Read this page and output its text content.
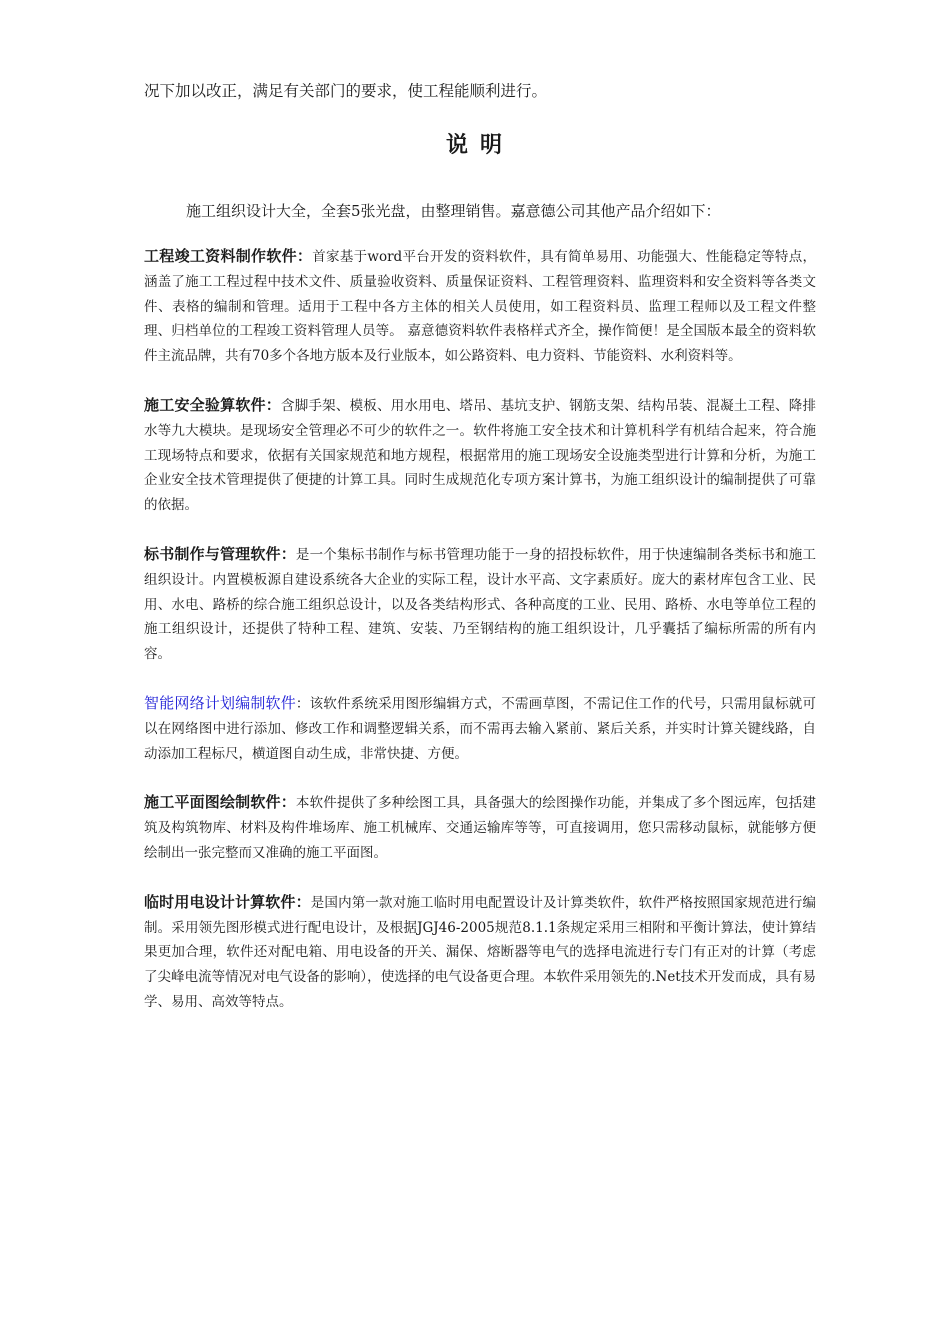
况下加以改正，满足有关部门的要求，使工程能顺利进行。

说明

施工组织设计大全，全套5张光盘，由整理销售。嘉意德公司其他产品介绍如下：

工程竣工资料制作软件：首家基于word平台开发的资料软件，具有简单易用、功能强大、性能稳定等特点，涵盖了施工工程过程中技术文件、质量验收资料、质量保证资料、工程管理资料、监理资料和安全资料等各类文件、表格的编制和管理。适用于工程中各方主体的相关人员使用，如工程资料员、监理工程师以及工程文件整理、归档单位的工程竣工资料管理人员等。 嘉意德资料软件表格样式齐全，操作简便！是全国版本最全的资料软件主流品牌，共有70多个各地方版本及行业版本，如公路资料、电力资料、节能资料、水利资料等。

施工安全验算软件：含脚手架、模板、用水用电、塔吊、基坑支护、钢筋支架、结构吊装、混凝土工程、降排水等九大模块。是现场安全管理必不可少的软件之一。软件将施工安全技术和计算机科学有机结合起来，符合施工现场特点和要求，依据有关国家规范和地方规程，根据常用的施工现场安全设施类型进行计算和分析，为施工企业安全技术管理提供了便捷的计算工具。同时生成规范化专项方案计算书，为施工组织设计的编制提供了可靠的依据。

标书制作与管理软件：是一个集标书制作与标书管理功能于一身的招投标软件，用于快速编制各类标书和施工组织设计。内置模板源自建设系统各大企业的实际工程，设计水平高、文字素质好。庞大的素材库包含工业、民用、水电、路桥的综合施工组织总设计，以及各类结构形式、各种高度的工业、民用、路桥、水电等单位工程的施工组织设计，还提供了特种工程、建筑、安装、乃至钢结构的施工组织设计，几乎囊括了编标所需的所有内容。

智能网络计划编制软件：该软件系统采用图形编辑方式，不需画草图，不需记住工作的代号，只需用鼠标就可以在网络图中进行添加、修改工作和调整逻辑关系，而不需再去输入紧前、紧后关系，并实时计算关键线路，自动添加工程标尺，横道图自动生成，非常快捷、方便。

施工平面图绘制软件：本软件提供了多种绘图工具，具备强大的绘图操作功能，并集成了多个图远库，包括建筑及构筑物库、材料及构件堆场库、施工机械库、交通运输库等等，可直接调用，您只需移动鼠标，就能够方便绘制出一张完整而又准确的施工平面图。

临时用电设计计算软件：是国内第一款对施工临时用电配置设计及计算类软件，软件严格按照国家规范进行编制。采用领先图形模式进行配电设计，及根据JGJ46-2005规范8.1.1条规定采用三相附和平衡计算法，使计算结果更加合理，软件还对配电箱、用电设备的开关、漏保、熔断器等电气的选择电流进行专门有正对的计算（考虑了尖峰电流等情况对电气设备的影响），使选择的电气设备更合理。本软件采用领先的.Net技术开发而成，具有易学、易用、高效等特点。
